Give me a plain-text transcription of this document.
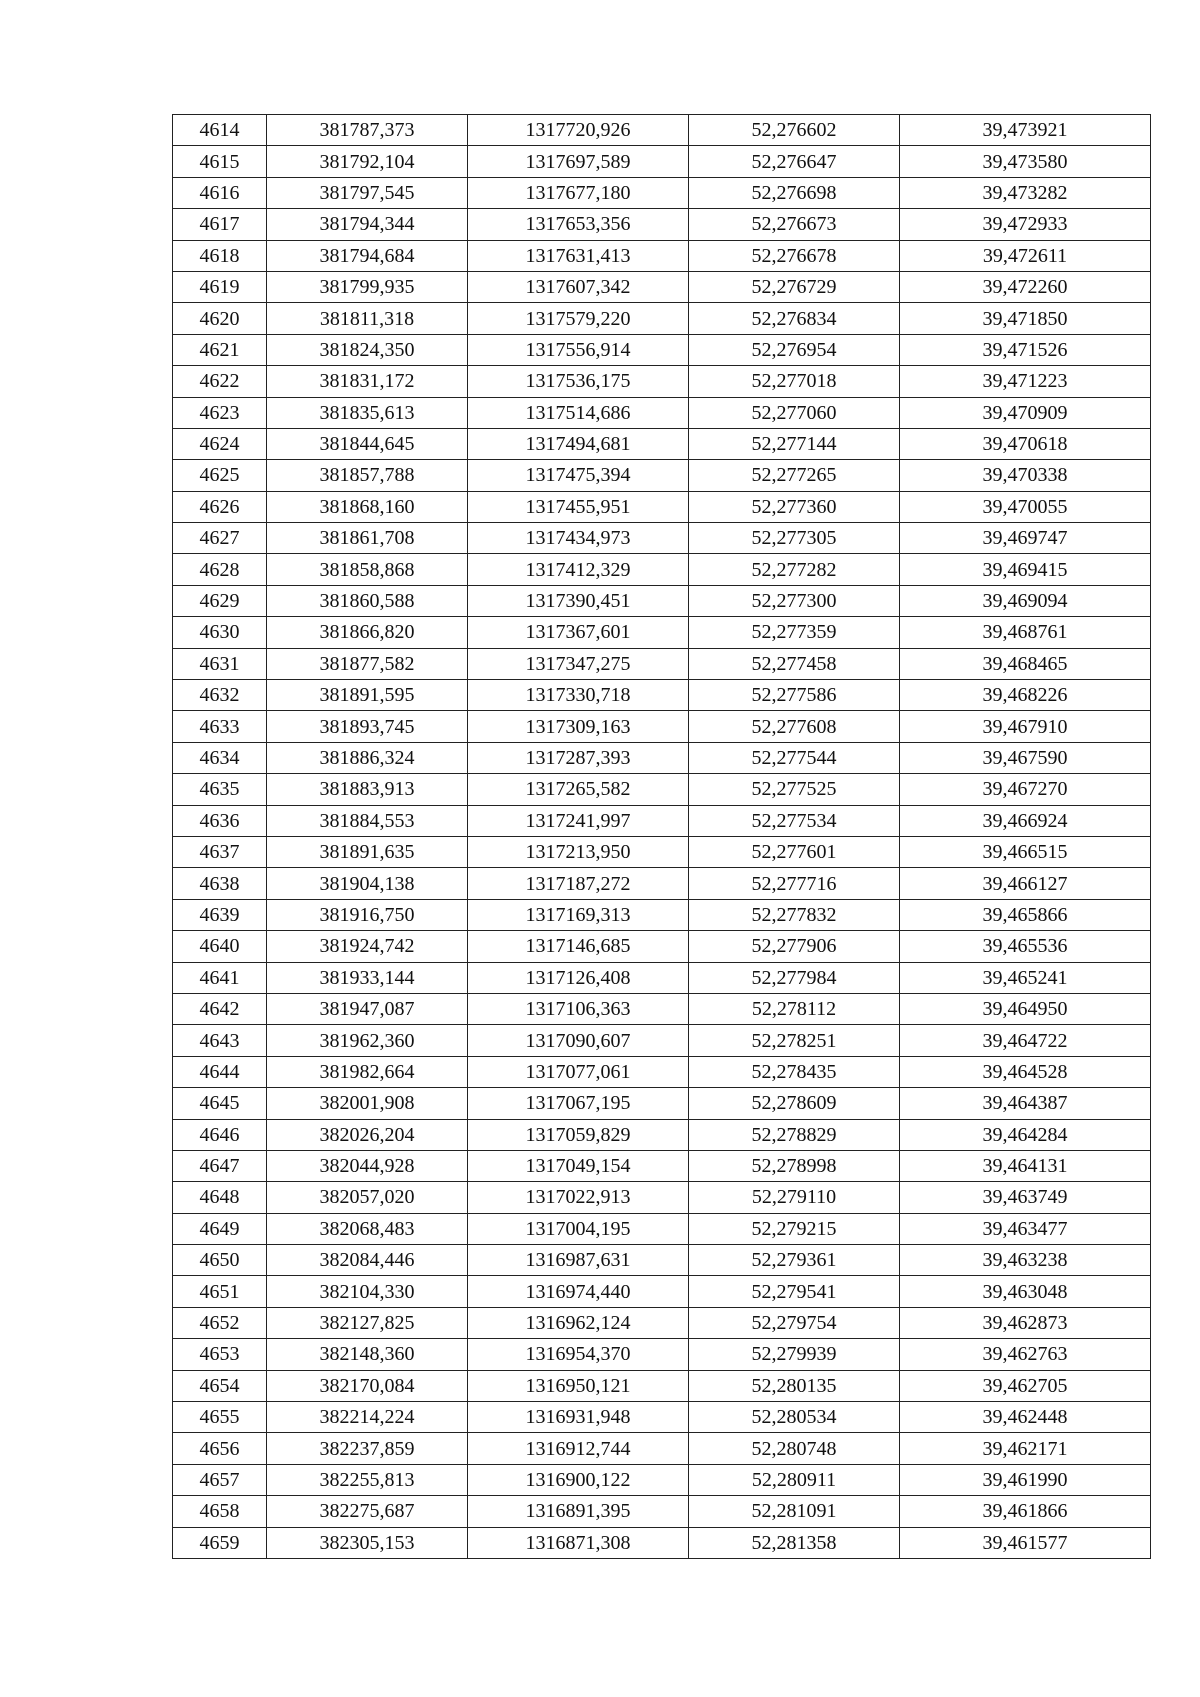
4614	381787,373	1317720,926	52,276602	39,473921
4615	381792,104	1317697,589	52,276647	39,473580
4616	381797,545	1317677,180	52,276698	39,473282
4617	381794,344	1317653,356	52,276673	39,472933
4618	381794,684	1317631,413	52,276678	39,472611
4619	381799,935	1317607,342	52,276729	39,472260
4620	381811,318	1317579,220	52,276834	39,471850
4621	381824,350	1317556,914	52,276954	39,471526
4622	381831,172	1317536,175	52,277018	39,471223
4623	381835,613	1317514,686	52,277060	39,470909
4624	381844,645	1317494,681	52,277144	39,470618
4625	381857,788	1317475,394	52,277265	39,470338
4626	381868,160	1317455,951	52,277360	39,470055
4627	381861,708	1317434,973	52,277305	39,469747
4628	381858,868	1317412,329	52,277282	39,469415
4629	381860,588	1317390,451	52,277300	39,469094
4630	381866,820	1317367,601	52,277359	39,468761
4631	381877,582	1317347,275	52,277458	39,468465
4632	381891,595	1317330,718	52,277586	39,468226
4633	381893,745	1317309,163	52,277608	39,467910
4634	381886,324	1317287,393	52,277544	39,467590
4635	381883,913	1317265,582	52,277525	39,467270
4636	381884,553	1317241,997	52,277534	39,466924
4637	381891,635	1317213,950	52,277601	39,466515
4638	381904,138	1317187,272	52,277716	39,466127
4639	381916,750	1317169,313	52,277832	39,465866
4640	381924,742	1317146,685	52,277906	39,465536
4641	381933,144	1317126,408	52,277984	39,465241
4642	381947,087	1317106,363	52,278112	39,464950
4643	381962,360	1317090,607	52,278251	39,464722
4644	381982,664	1317077,061	52,278435	39,464528
4645	382001,908	1317067,195	52,278609	39,464387
4646	382026,204	1317059,829	52,278829	39,464284
4647	382044,928	1317049,154	52,278998	39,464131
4648	382057,020	1317022,913	52,279110	39,463749
4649	382068,483	1317004,195	52,279215	39,463477
4650	382084,446	1316987,631	52,279361	39,463238
4651	382104,330	1316974,440	52,279541	39,463048
4652	382127,825	1316962,124	52,279754	39,462873
4653	382148,360	1316954,370	52,279939	39,462763
4654	382170,084	1316950,121	52,280135	39,462705
4655	382214,224	1316931,948	52,280534	39,462448
4656	382237,859	1316912,744	52,280748	39,462171
4657	382255,813	1316900,122	52,280911	39,461990
4658	382275,687	1316891,395	52,281091	39,461866
4659	382305,153	1316871,308	52,281358	39,461577
